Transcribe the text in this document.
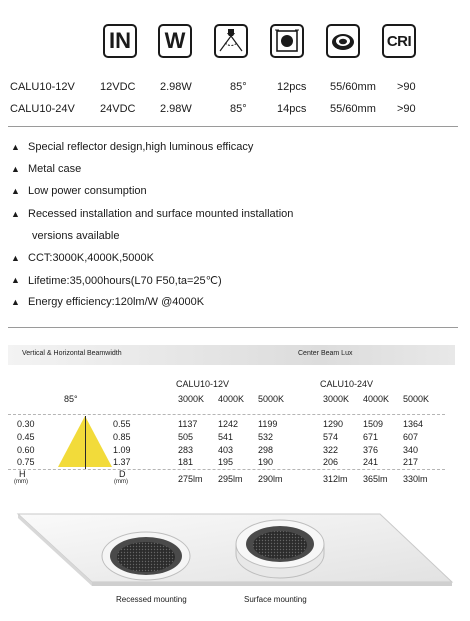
IN W	CRI
CALU10-12V 12VDC 2.98W	85°	12pcs 55/60mm >90
CALU10-24V 24VDC 2.98W	85°	14pcs 55/60mm >90
▲ Special reflector design,high luminous efficacy
▲ Metal case
▲ Low power consumption
▲ Recessed installation and surface mounted installation
versions available
▲ CCT:3000K,4000K,5000K
▲ Lifetime:35,000hours(L70 F50,ta=25℃)
▲ Energy efficiency:120lm/W @4000K
Vertical & Horizontal Beamwidth	Center Beam Lux
85°
CALU10-12V	CALU10-24V
3000K 4000K 5000K	3000K 4000K 5000K
0.30	0.55	1137 1242 1199	1290 1509 1364
0.45	0.85	505	541	532	574	671	607
0.60	1.09	283	403	298	322	376	340
0.75	1.37	181	195	190	206	241	217
H
(mm)
D
(mm)	275lm 295lm 290lm	312lm 365lm 330lm
Recessed mounting	Surface mounting
